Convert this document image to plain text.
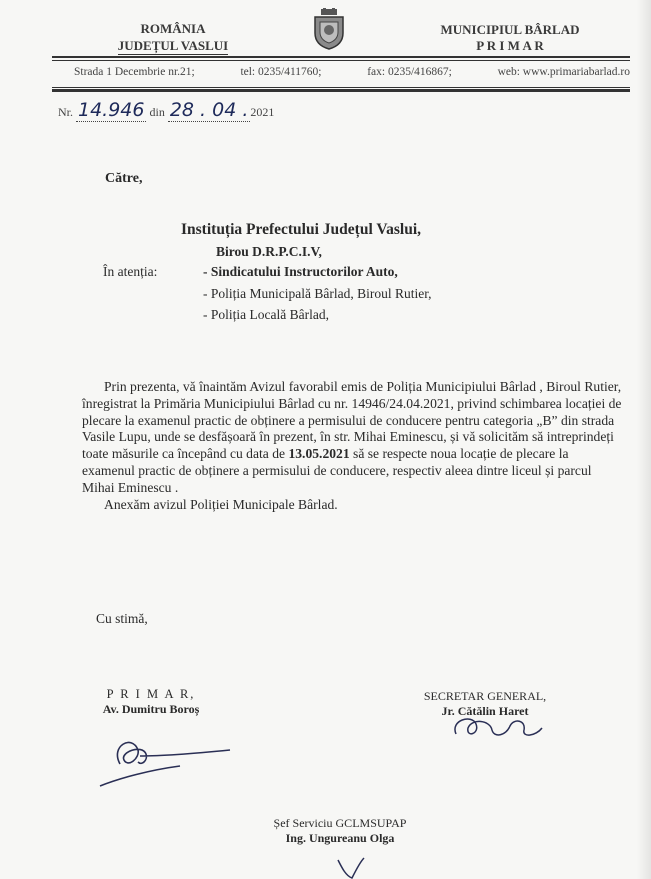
ROMÂNIA
JUDEȚUL VASLUI
MUNICIPIUL BÂRLAD
P R I M A R
Strada 1 Decembrie nr.21;	tel: 0235/411760;	fax: 0235/416867;	web: www.primariabarlad.ro
Nr. 14.946 din 28 . 04 . 2021
Către,
Instituția Prefectului Județul Vaslui,
Birou D.R.P.C.I.V,
În atenția:	- Sindicatului Instructorilor Auto,
- Poliția Municipală Bârlad, Biroul Rutier,
- Poliția Locală Bârlad,

Prin prezenta, vă înaintăm Avizul favorabil emis de Poliția Municipiului Bârlad , Biroul Rutier, înregistrat la Primăria Municipiului Bârlad cu nr. 14946/24.04.2021, privind schimbarea locației de plecare la examenul practic de obținere a permisului de conducere pentru categoria „B” din strada Vasile Lupu, unde se desfășoară în prezent, în str. Mihai Eminescu, și vă solicităm să intreprindeți toate măsurile ca începând cu data de 13.05.2021 să se respecte noua locație de plecare la examenul practic de obținere a permisului de conducere, respectiv aleea dintre liceul și parcul Mihai Eminescu .

Anexăm avizul Poliției Municipale Bârlad.

Cu stimă,
P R I M A R,
Av. Dumitru Boroș
SECRETAR GENERAL,
Jr. Cătălin Haret
Șef Serviciu GCLMSUPAP
Ing. Ungureanu Olga
